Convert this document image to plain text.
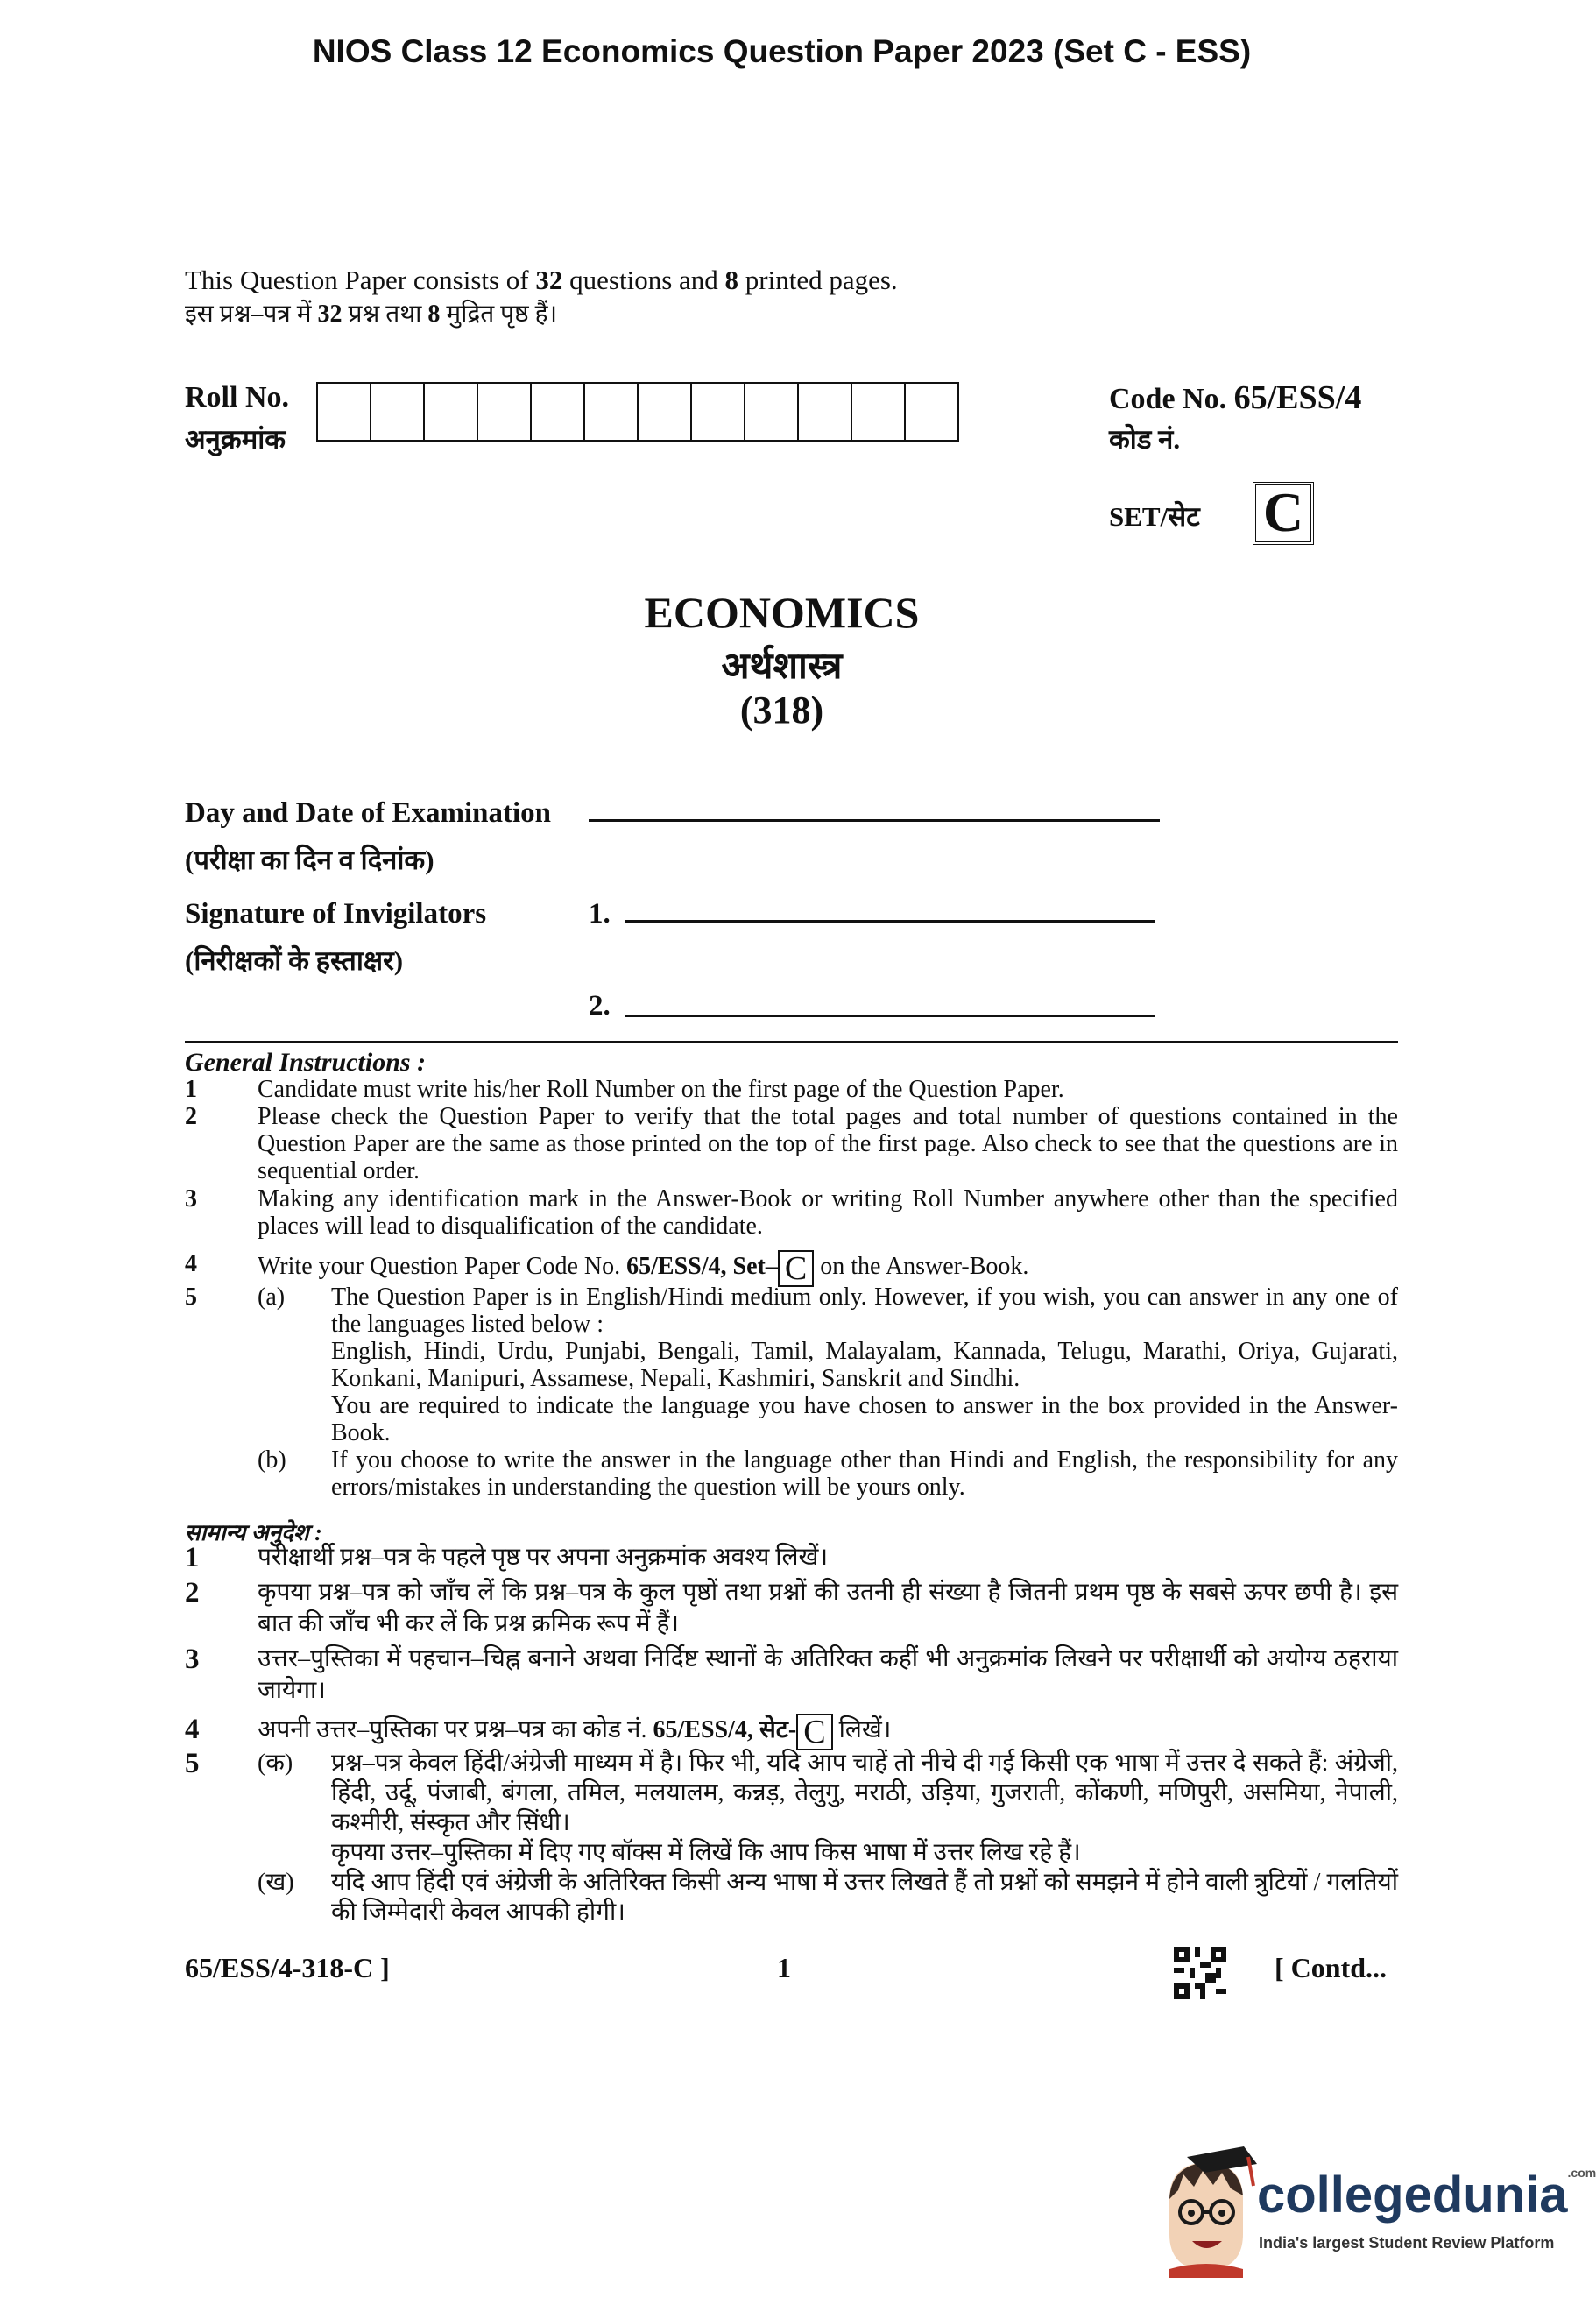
NIOS Class 12 Economics Question Paper 2023 (Set C - ESS)
This Question Paper consists of 32 questions and 8 printed pages.
इस प्रश्न–पत्र में 32 प्रश्न तथा 8 मुद्रित पृष्ठ हैं।
Roll No.
अनुक्रमांक
Code No. 65/ESS/4
कोड नं.
SET/सेट C
ECONOMICS
अर्थशास्त्र
(318)
Day and Date of Examination
(परीक्षा का दिन व दिनांक)
Signature of Invigilators
(निरीक्षकों के हस्ताक्षर)
1.
2.
General Instructions :
1 Candidate must write his/her Roll Number on the first page of the Question Paper.
2 Please check the Question Paper to verify that the total pages and total number of questions contained in the Question Paper are the same as those printed on the top of the first page. Also check to see that the questions are in sequential order.
3 Making any identification mark in the Answer-Book or writing Roll Number anywhere other than the specified places will lead to disqualification of the candidate.
4 Write your Question Paper Code No. 65/ESS/4, Set– C on the Answer-Book.
5 (a) The Question Paper is in English/Hindi medium only. However, if you wish, you can answer in any one of the languages listed below :
English, Hindi, Urdu, Punjabi, Bengali, Tamil, Malayalam, Kannada, Telugu, Marathi, Oriya, Gujarati, Konkani, Manipuri, Assamese, Nepali, Kashmiri, Sanskrit and Sindhi.
You are required to indicate the language you have chosen to answer in the box provided in the Answer-Book.
(b) If you choose to write the answer in the language other than Hindi and English, the responsibility for any errors/mistakes in understanding the question will be yours only.
सामान्य अनुदेश :
1 परीक्षार्थी प्रश्न–पत्र के पहले पृष्ठ पर अपना अनुक्रमांक अवश्य लिखें।
2 कृपया प्रश्न–पत्र को जाँच लें कि प्रश्न–पत्र के कुल पृष्ठों तथा प्रश्नों की उतनी ही संख्या है जितनी प्रथम पृष्ठ के सबसे ऊपर छपी है। इस बात की जाँच भी कर लें कि प्रश्न क्रमिक रूप में हैं।
3 उत्तर–पुस्तिका में पहचान–चिह्न बनाने अथवा निर्दिष्ट स्थानों के अतिरिक्त कहीं भी अनुक्रमांक लिखने पर परीक्षार्थी को अयोग्य ठहराया जायेगा।
4 अपनी उत्तर–पुस्तिका पर प्रश्न–पत्र का कोड नं. 65/ESS/4, सेट- C लिखें।
5 (क) प्रश्न–पत्र केवल हिंदी/अंग्रेजी माध्यम में है। फिर भी, यदि आप चाहें तो नीचे दी गई किसी एक भाषा में उत्तर दे सकते हैं: अंग्रेजी, हिंदी, उर्दू, पंजाबी, बंगला, तमिल, मलयालम, कन्नड़, तेलुगु, मराठी, उड़िया, गुजराती, कोंकणी, मणिपुरी, असमिया, नेपाली, कश्मीरी, संस्कृत और सिंधी।
कृपया उत्तर–पुस्तिका में दिए गए बॉक्स में लिखें कि आप किस भाषा में उत्तर लिख रहे हैं।
(ख) यदि आप हिंदी एवं अंग्रेजी के अतिरिक्त किसी अन्य भाषा में उत्तर लिखते हैं तो प्रश्नों को समझने में होने वाली त्रुटियों / गलतियों की जिम्मेदारी केवल आपकी होगी।
65/ESS/4-318-C ]	1	[ Contd...
collegedunia$^{.com}$
India's largest Student Review Platform
